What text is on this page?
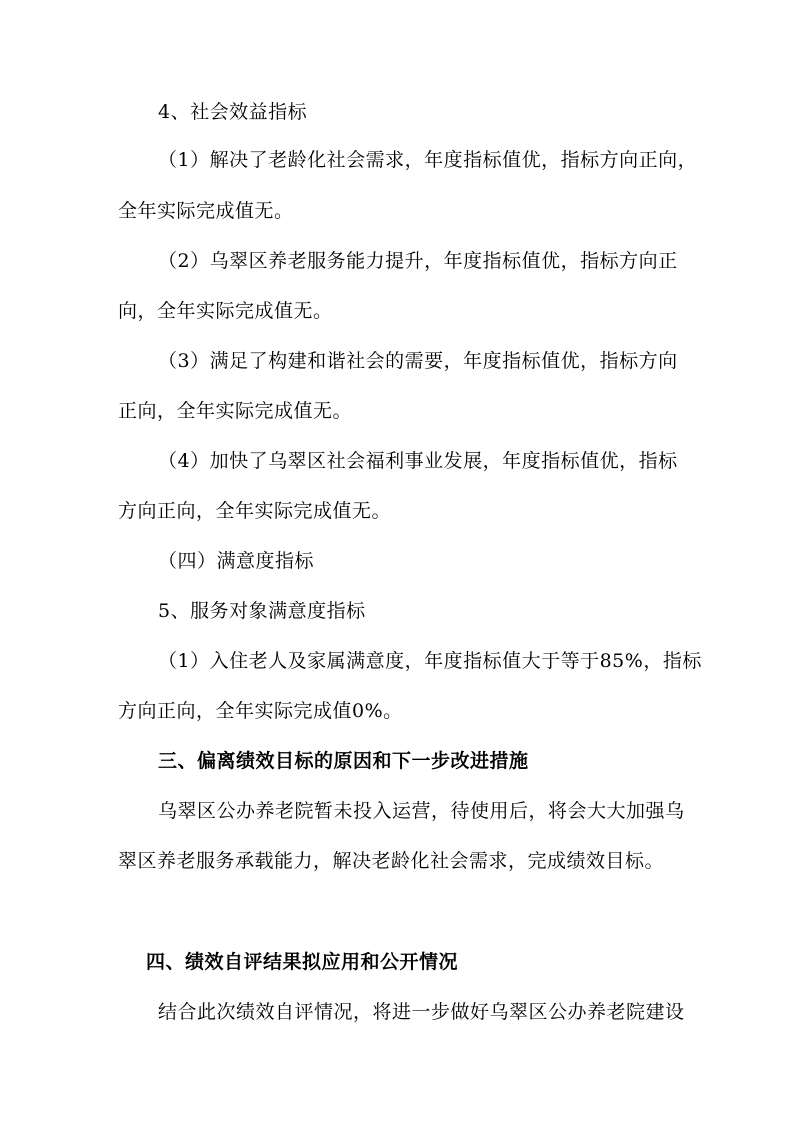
4、社会效益指标

（1）解决了老龄化社会需求，年度指标值优，指标方向正向，

全年实际完成值无。

（2）乌翠区养老服务能力提升，年度指标值优，指标方向正

向，全年实际完成值无。

（3）满足了构建和谐社会的需要，年度指标值优，指标方向

正向，全年实际完成值无。

（4）加快了乌翠区社会福利事业发展，年度指标值优，指标

方向正向，全年实际完成值无。

（四）满意度指标

5、服务对象满意度指标

（1）入住老人及家属满意度，年度指标值大于等于85%，指标

方向正向，全年实际完成值0%。

三、偏离绩效目标的原因和下一步改进措施

乌翠区公办养老院暂未投入运营，待使用后，将会大大加强乌

翠区养老服务承载能力，解决老龄化社会需求，完成绩效目标。

四、绩效自评结果拟应用和公开情况

结合此次绩效自评情况，将进一步做好乌翠区公办养老院建设
